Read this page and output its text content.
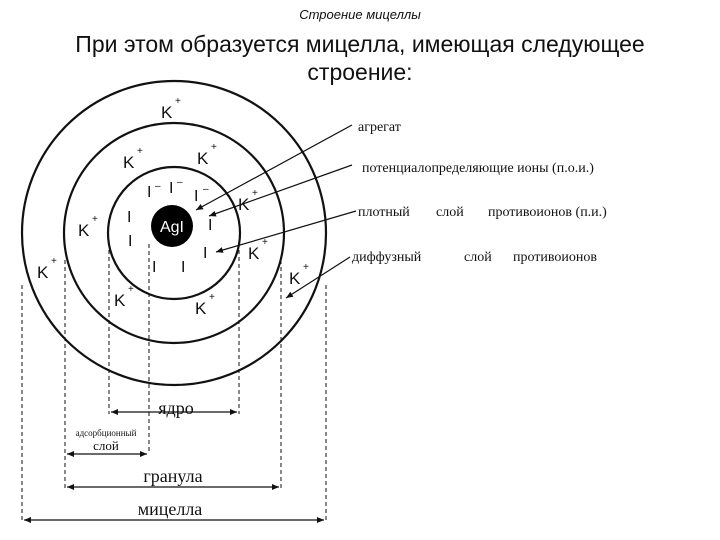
Строение мицеллы
При этом образуется мицелла, имеющая следующее
строение:
AgI
I I I
I	I
I
I I
I
– –
–
K
+
K
+	K
+
K
+
K
+
K
+
K
+
K
+
K
+
K
+
агрегат
потенциалопределяющие ионы (п.о.и.)
плотный слой противоионов (п.и.)
диффузный	слой противоионов
ядро
адсорбционный
слой
гранула
мицелла
